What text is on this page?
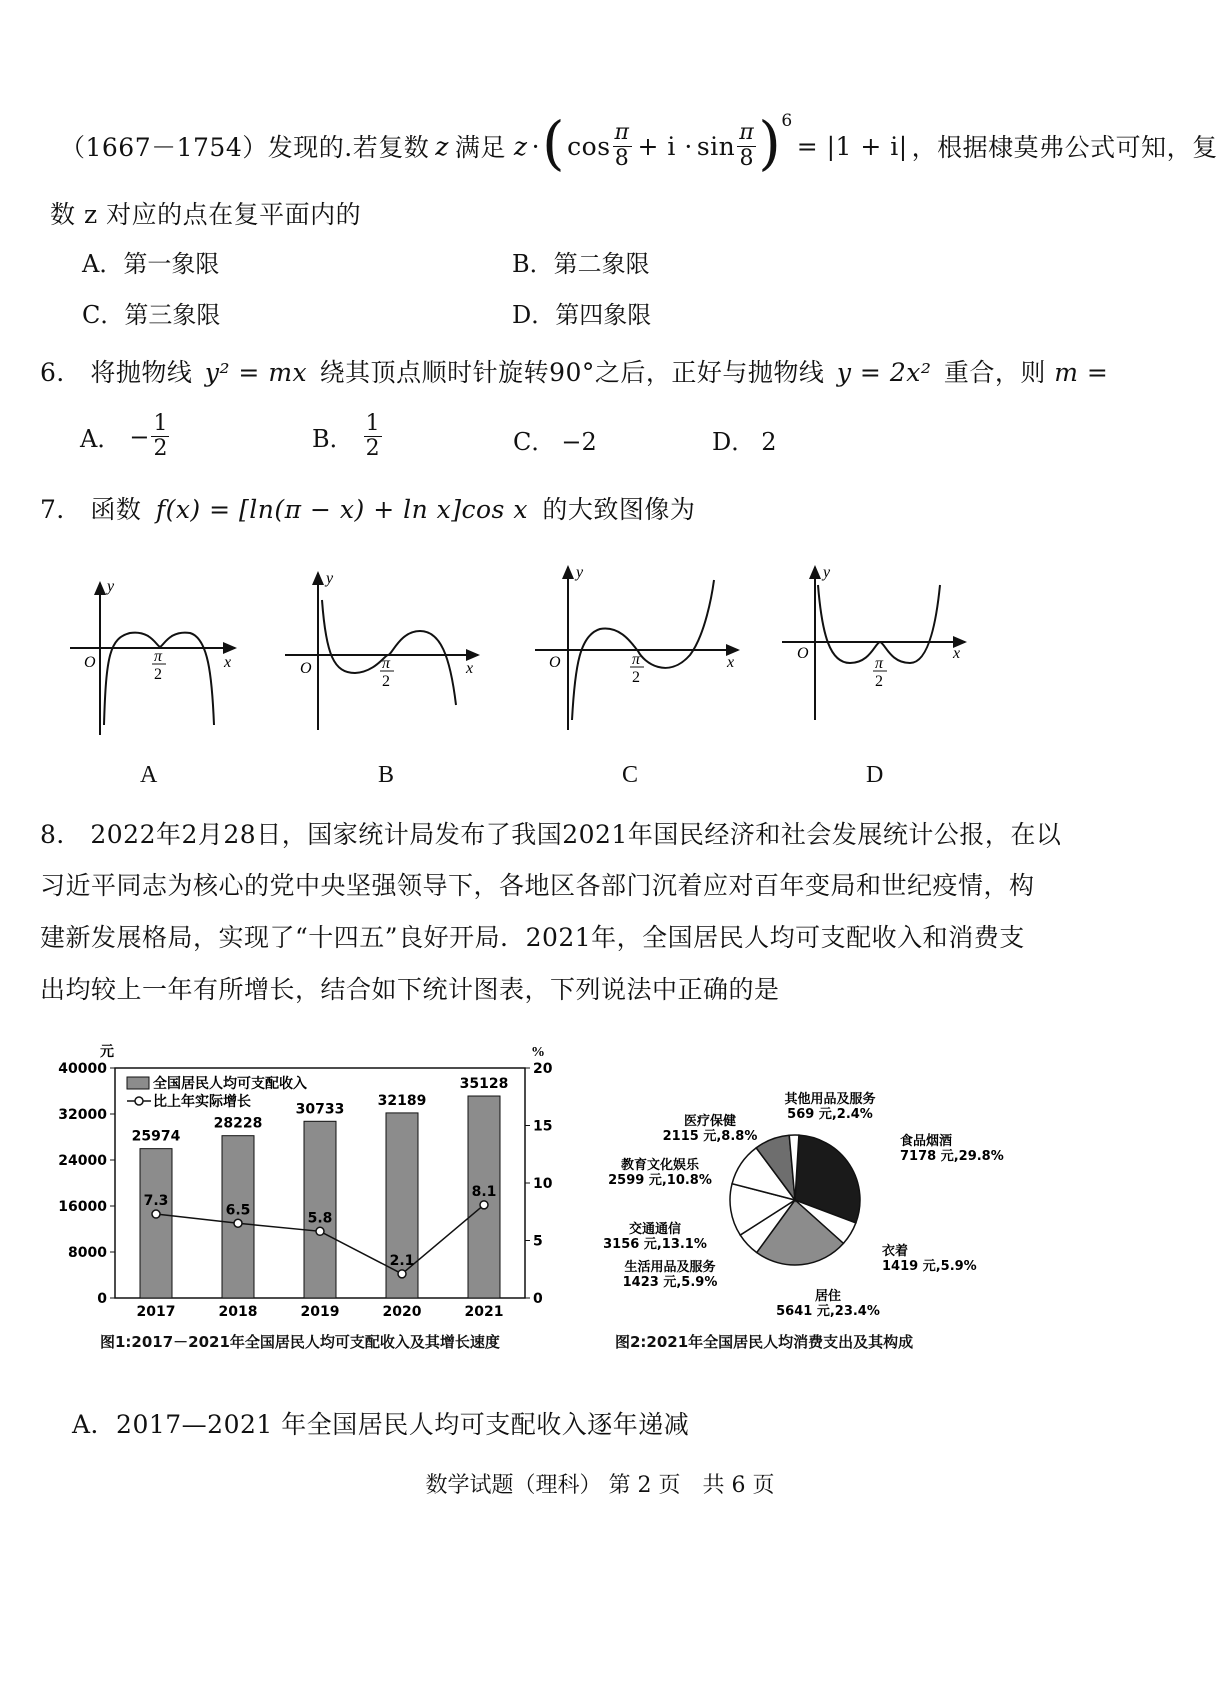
（1667－1754）发现的.若复数 z 满足 z · ( $\cos \frac{\pi}{8} + i \cdot \sin \frac{\pi}{8}$ ) 6
= |1 + i| ，根据棣莫弗公式可知，复
数 z 对应的点在复平面内的
A．第一象限	B．第二象限
C．第三象限	D．第四象限
6． 将抛物线 y² = mx 绕其顶点顺时针旋转90°之后，正好与抛物线 y = 2x² 重合，则 m =
A． − $\frac{1}{2}$	B． $\frac{1}{2}$	C． −2	D． 2
7． 函数 f(x) = [ln(π − x) + ln x]cos x 的大致图像为
y
x
O	π
2
y
x
O	π
2
y
x
O	π
2
y
x
O
π
2
A	B	C	D
8． 2022年2月28日，国家统计局发布了我国2021年国民经济和社会发展统计公报，在以
习近平同志为核心的党中央坚强领导下，各地区各部门沉着应对百年变局和世纪疫情，构
建新发展格局，实现了“十四五”良好开局．2021年，全国居民人均可支配收入和消费支
出均较上一年有所增长，结合如下统计图表，下列说法中正确的是
元	%
0
8000
16000
24000
32000
40000
0
5
10
15
20
25974
28228
30733
32189
35128
7.3
6.5
5.8
2.1
8.1
2017	2018	2019	2020	2021
全国居民人均可支配收入
比上年实际增长
图1:2017－2021年全国居民人均可支配收入及其增长速度
食品烟酒
7178 元,29.8%
衣着
1419 元,5.9%
居住
5641 元,23.4%
生活用品及服务
1423 元,5.9%
交通通信
3156 元,13.1%
教育文化娱乐
2599 元,10.8%
医疗保健
2115 元,8.8%
其他用品及服务
569 元,2.4%
图2:2021年全国居民人均消费支出及其构成
A．2017—2021 年全国居民人均可支配收入逐年递减
数学试题（理科） 第 2 页　共 6 页
